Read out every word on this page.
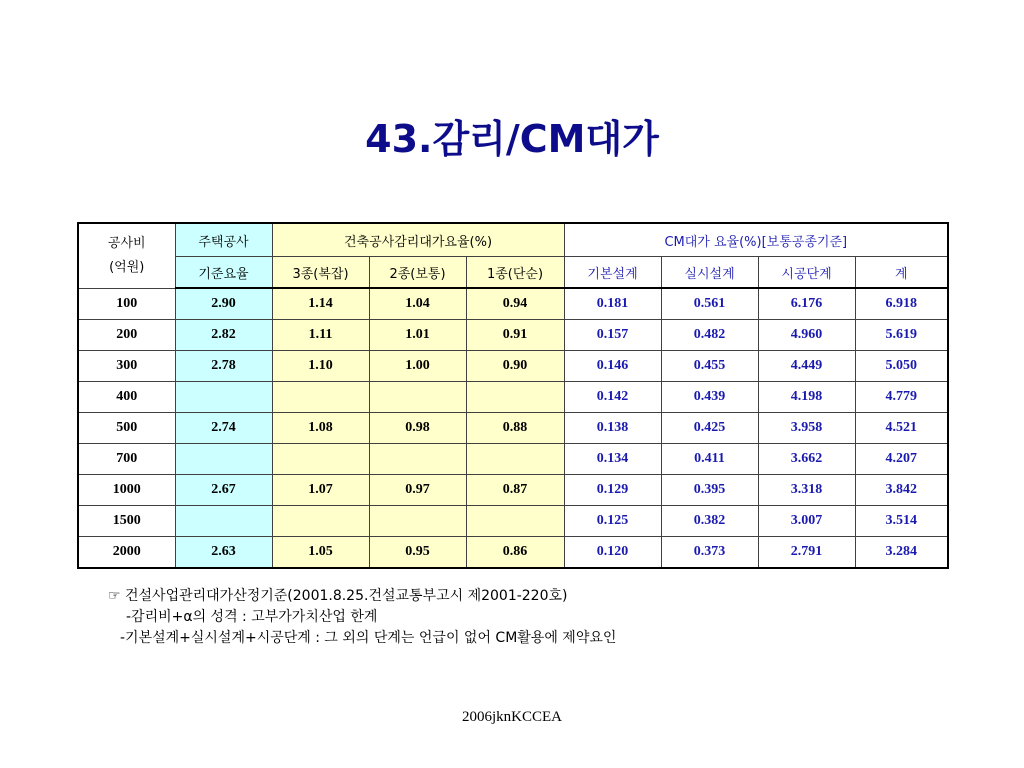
43.감리/CM대가
공사비
(억원)	주택공사	건축공사감리대가요율(%)			CM대가 요율(%)[보통공종기준]			
	기준요율	3종(복잡)	2종(보통)	1종(단순)	기본설계	실시설계	시공단계	계
100	2.90	1.14	1.04	0.94	0.181	0.561	6.176	6.918
200	2.82	1.11	1.01	0.91	0.157	0.482	4.960	5.619
300	2.78	1.10	1.00	0.90	0.146	0.455	4.449	5.050
400					0.142	0.439	4.198	4.779
500	2.74	1.08	0.98	0.88	0.138	0.425	3.958	4.521
700					0.134	0.411	3.662	4.207
1000	2.67	1.07	0.97	0.87	0.129	0.395	3.318	3.842
1500					0.125	0.382	3.007	3.514
2000	2.63	1.05	0.95	0.86	0.120	0.373	2.791	3.284
☞ 건설사업관리대가산정기준(2001.8.25.건설교통부고시 제2001-220호)
-감리비+α의 성격 : 고부가가치산업 한계
-기본설계+실시설계+시공단계 : 그 외의 단계는 언급이 없어 CM활용에 제약요인
2006jknKCCEA
